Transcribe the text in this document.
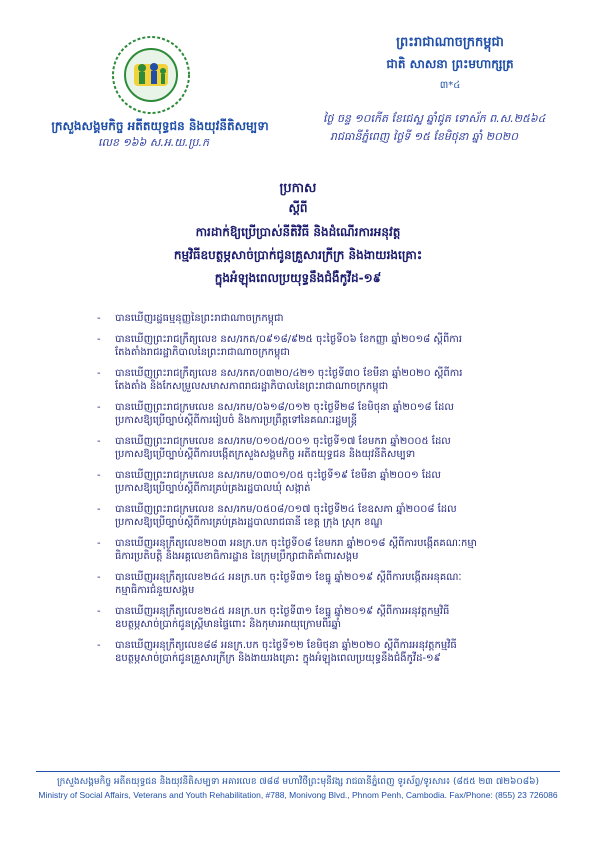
ព្រះរាជាណាចក្រកម្ពុជា
ជាតិ សាសនា ព្រះមហាក្សត្រ
៣*៤
ក្រសួងសង្គមកិច្ច អតីតយុទ្ធជន និងយុវនីតិសម្បទា
លេខ ១៦៦ ស.អ.យ.ប្រ.ក
ថ្ងៃ ចន្ទ ១០កើត ខែជេស្ឋ ឆ្នាំជូត ទោស័ក ព.ស.២៥៦៤
រាជធានីភ្នំពេញ ថ្ងៃទី ១៥ ខែមិថុនា ឆ្នាំ ២០២០
ប្រកាស
ស្តីពី
ការដាក់ឱ្យប្រើប្រាស់នីតិវិធី និងដំណើរការអនុវត្ត
កម្មវិធីឧបត្ថម្ភសាច់ប្រាក់ជូនគ្រួសារក្រីក្រ និងងាយរងគ្រោះ
ក្នុងអំឡុងពេលប្រយុទ្ធនឹងជំងឺកូវីដ-១៩
- បានឃើញរដ្ឋធម្មនុញ្ញនៃព្រះរាជាណាចក្រកម្ពុជា
- បានឃើញព្រះរាជក្រឹត្យលេខ នស/រកត/០៩១៨/៩២៥ ចុះថ្ងៃទី០៦ ខែកញ្ញា ឆ្នាំ២០១៨ ស្តីពីការ
តែងតាំងរាជរដ្ឋាភិបាលនៃព្រះរាជាណាចក្រកម្ពុជា
- បានឃើញព្រះរាជក្រឹត្យលេខ នស/រកត/០៣២០/៤២១ ចុះថ្ងៃទី៣០ ខែមីនា ឆ្នាំ២០២០ ស្តីពីការ
តែងតាំង និងកែសម្រួលសមាសភាពរាជរដ្ឋាភិបាលនៃព្រះរាជាណាចក្រកម្ពុជា
- បានឃើញព្រះរាជក្រមលេខ នស/រកម/០៦១៨/០១២ ចុះថ្ងៃទី២៨ ខែមិថុនា ឆ្នាំ២០១៨ ដែល
ប្រកាសឱ្យប្រើច្បាប់ស្តីពីការរៀបចំ និងការប្រព្រឹត្តទៅនៃគណៈរដ្ឋមន្ត្រី
- បានឃើញព្រះរាជក្រមលេខ នស/រកម/០១០៥/០០១ ចុះថ្ងៃទី១៧ ខែមករា ឆ្នាំ២០០៥ ដែល
ប្រកាសឱ្យប្រើច្បាប់ស្តីពីការបង្កើតក្រសួងសង្គមកិច្ច អតីតយុទ្ធជន និងយុវនីតិសម្បទា
- បានឃើញព្រះរាជក្រមលេខ នស/រកម/០៣០១/០៥ ចុះថ្ងៃទី១៩ ខែមីនា ឆ្នាំ២០០១ ដែល
ប្រកាសឱ្យប្រើច្បាប់ស្តីពីការគ្រប់គ្រងរដ្ឋបាលឃុំ សង្កាត់
- បានឃើញព្រះរាជក្រមលេខ នស/រកម/០៥០៨/០១៧ ចុះថ្ងៃទី២៤ ខែឧសភា ឆ្នាំ២០០៨ ដែល
ប្រកាសឱ្យប្រើច្បាប់ស្តីពីការគ្រប់គ្រងរដ្ឋបាលរាជធានី ខេត្ត ក្រុង ស្រុក ខណ្ឌ
- បានឃើញអនុក្រឹត្យលេខ២០៣ អនក្រ.បក ចុះថ្ងៃទី០៨ ខែមករា ឆ្នាំ២០១៨ ស្តីពីការបង្កើតគណៈកម្មា
ធិការប្រតិបត្តិ និងអគ្គលេខាធិការដ្ឋាន នៃក្រុមប្រឹក្សាជាតិគាំពារសង្គម
- បានឃើញអនុក្រឹត្យលេខ២៤៤ អនក្រ.បក ចុះថ្ងៃទី៣១ ខែធ្នូ ឆ្នាំ២០១៩ ស្តីពីការបង្កើតអនុគណៈ
កម្មាធិការជំនួយសង្គម
- បានឃើញអនុក្រឹត្យលេខ២៤៥ អនក្រ.បក ចុះថ្ងៃទី៣១ ខែធ្នូ ឆ្នាំ២០១៩ ស្តីពីការអនុវត្តកម្មវិធី
ឧបត្ថម្ភសាច់ប្រាក់ជូនស្ត្រីមានផ្ទៃពោះ និងកុមារអាយុក្រោមពីរឆ្នាំ
- បានឃើញអនុក្រឹត្យលេខ៨៨ អនក្រ.បក ចុះថ្ងៃទី១២ ខែមិថុនា ឆ្នាំ២០២០ ស្តីពីការអនុវត្តកម្មវិធី
ឧបត្ថម្ភសាច់ប្រាក់ជូនគ្រួសារក្រីក្រ និងងាយរងគ្រោះ ក្នុងអំឡុងពេលប្រយុទ្ធនឹងជំងឺកូវីដ-១៩
ក្រសួងសង្គមកិច្ច អតីតយុទ្ធជន និងយុវនីតិសម្បទា អគារលេខ ៧៨៨ មហាវិថីព្រះមុនីវង្ស រាជធានីភ្នំពេញ ទូរស័ព្ទ/ទូរសារ៖ (៨៥៥ ២៣ ៧២៦០៨៦)
Ministry of Social Affairs, Veterans and Youth Rehabilitation, #788, Monivong Blvd., Phnom Penh, Cambodia. Fax/Phone: (855) 23 726086
